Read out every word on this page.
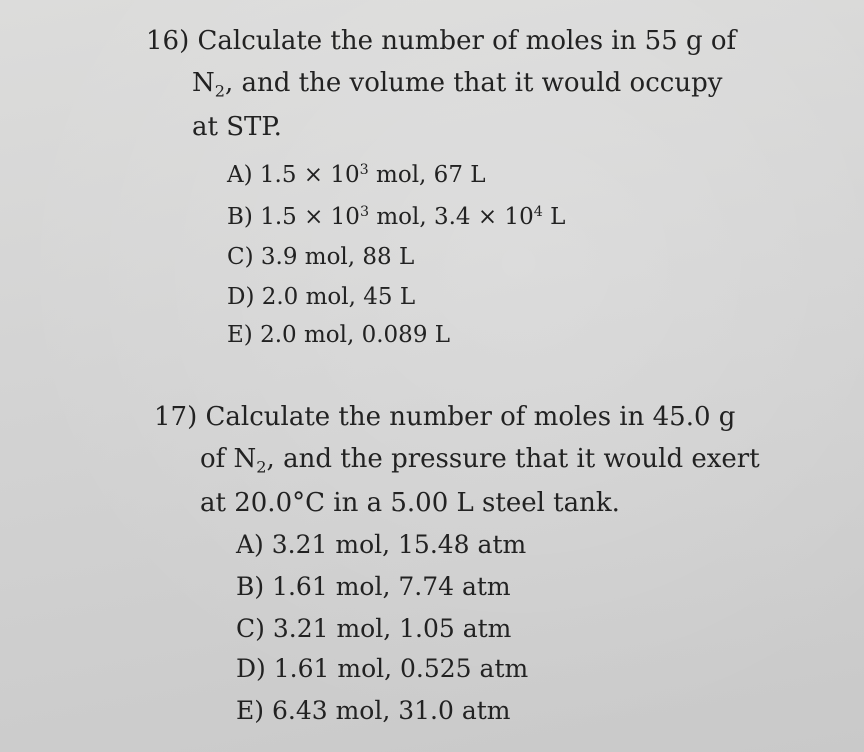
16) Calculate the number of moles in 55 g of
$N_2$, and the volume that it would occupy
at STP.
A) $1.5 \times 10^3$ mol, 67 L
B) $1.5 \times 10^3$ mol, $3.4 \times 10^4$ L
C) 3.9 mol, 88 L
D) 2.0 mol, 45 L
E) 2.0 mol, 0.089 L
17) Calculate the number of moles in 45.0 g
of $N_2$, and the pressure that it would exert
at 20.0°C in a 5.00 L steel tank.
A) 3.21 mol, 15.48 atm
B) 1.61 mol, 7.74 atm
C) 3.21 mol, 1.05 atm
D) 1.61 mol, 0.525 atm
E) 6.43 mol, 31.0 atm
